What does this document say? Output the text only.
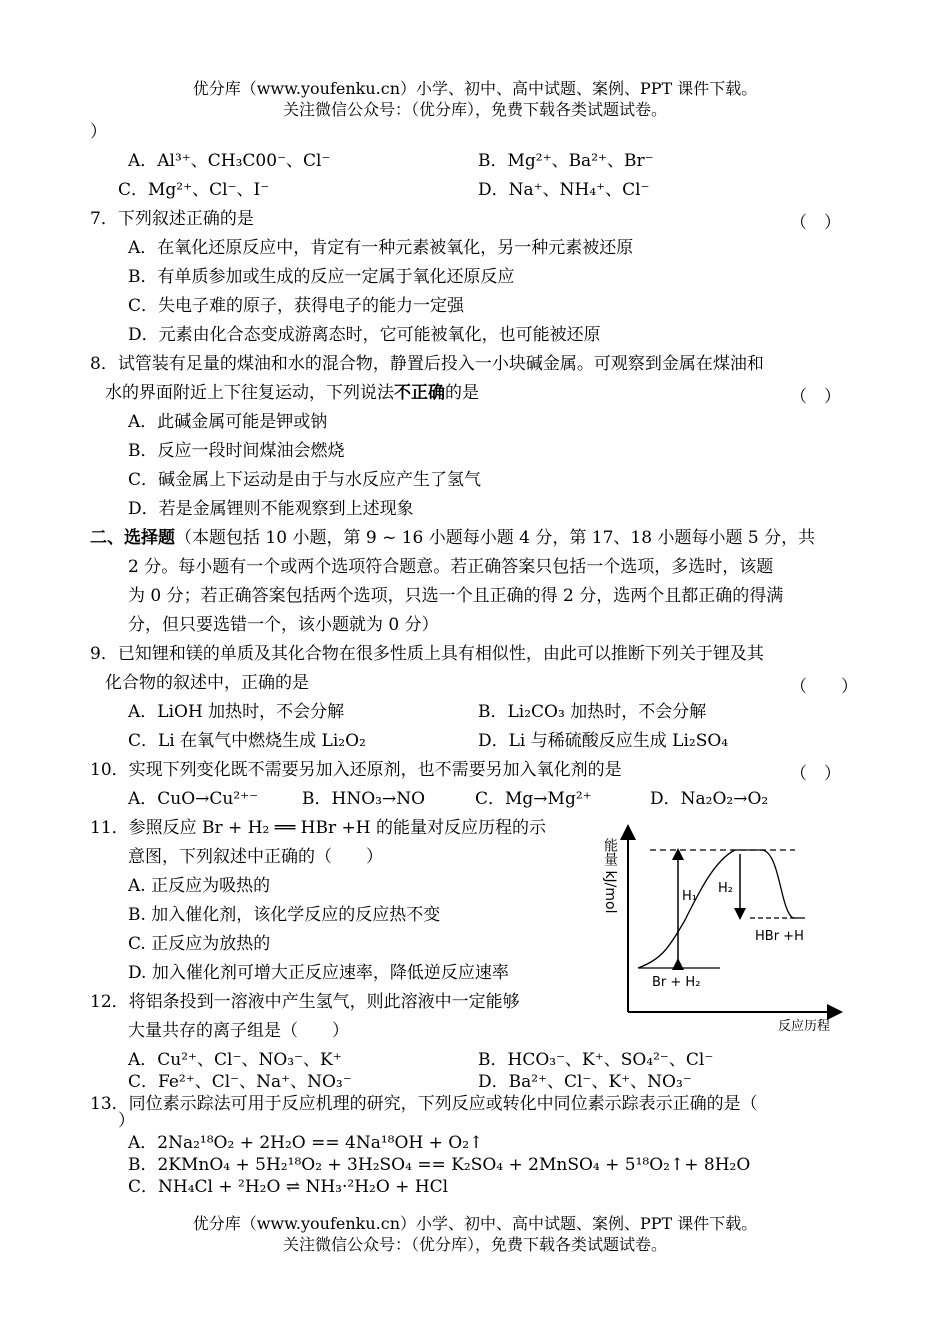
优分库（www.youfenku.cn）小学、初中、高中试题、案例、PPT 课件下载。
关注微信公众号：（优分库），免费下载各类试题试卷。
）
A．Al³⁺、CH₃C00⁻、Cl⁻	B．Mg²⁺、Ba²⁺、Br⁻
C．Mg²⁺、Cl⁻、I⁻	D．Na⁺、NH₄⁺、Cl⁻
7．下列叙述正确的是	（　）
A．在氧化还原反应中，肯定有一种元素被氧化，另一种元素被还原
B．有单质参加或生成的反应一定属于氧化还原反应
C．失电子难的原子，获得电子的能力一定强
D．元素由化合态变成游离态时，它可能被氧化，也可能被还原
8．试管装有足量的煤油和水的混合物，静置后投入一小块碱金属。可观察到金属在煤油和
水的界面附近上下往复运动，下列说法不正确的是	（　）
A．此碱金属可能是钾或钠
B．反应一段时间煤油会燃烧
C．碱金属上下运动是由于与水反应产生了氢气
D．若是金属锂则不能观察到上述现象
二、选择题（本题包括 10 小题，第 9 ~ 16 小题每小题 4 分，第 17、18 小题每小题 5 分，共
2 分。每小题有一个或两个选项符合题意。若正确答案只包括一个选项，多选时，该题
为 0 分；若正确答案包括两个选项，只选一个且正确的得 2 分，选两个且都正确的得满
分，但只要选错一个，该小题就为 0 分）
9．已知锂和镁的单质及其化合物在很多性质上具有相似性，由此可以推断下列关于锂及其
化合物的叙述中，正确的是	（　　）
A．LiOH 加热时，不会分解	B．Li₂CO₃ 加热时，不会分解
C．Li 在氧气中燃烧生成 Li₂O₂	D．Li 与稀硫酸反应生成 Li₂SO₄
10．实现下列变化既不需要另加入还原剂，也不需要另加入氧化剂的是	（　）
A．CuO→Cu²⁺⁻	B．HNO₃→NO	C．Mg→Mg²⁺	D．Na₂O₂→O₂
11．参照反应 Br + H₂ ══ HBr +H 的能量对反应历程的示
意图，下列叙述中正确的（　　）
A. 正反应为吸热的
B. 加入催化剂，该化学反应的反应热不变
C. 正反应为放热的
D. 加入催化剂可增大正反应速率，降低逆反应速率
能量 kJ/mol
反应历程
H₁
H₂
HBr +H
Br + H₂
12．将铝条投到一溶液中产生氢气，则此溶液中一定能够
大量共存的离子组是（　　）
A．Cu²⁺、Cl⁻、NO₃⁻、K⁺	B．HCO₃⁻、K⁺、SO₄²⁻、Cl⁻
C．Fe²⁺、Cl⁻、Na⁺、NO₃⁻	D．Ba²⁺、Cl⁻、K⁺、NO₃⁻
13．同位素示踪法可用于反应机理的研究，下列反应或转化中同位素示踪表示正确的是（
）
A．2Na₂¹⁸O₂ + 2H₂O == 4Na¹⁸OH + O₂↑
B．2KMnO₄ + 5H₂¹⁸O₂ + 3H₂SO₄ == K₂SO₄ + 2MnSO₄ + 5¹⁸O₂↑+ 8H₂O
C．NH₄Cl + ²H₂O ⇌ NH₃·²H₂O + HCl
优分库（www.youfenku.cn）小学、初中、高中试题、案例、PPT 课件下载。
关注微信公众号：（优分库），免费下载各类试题试卷。
